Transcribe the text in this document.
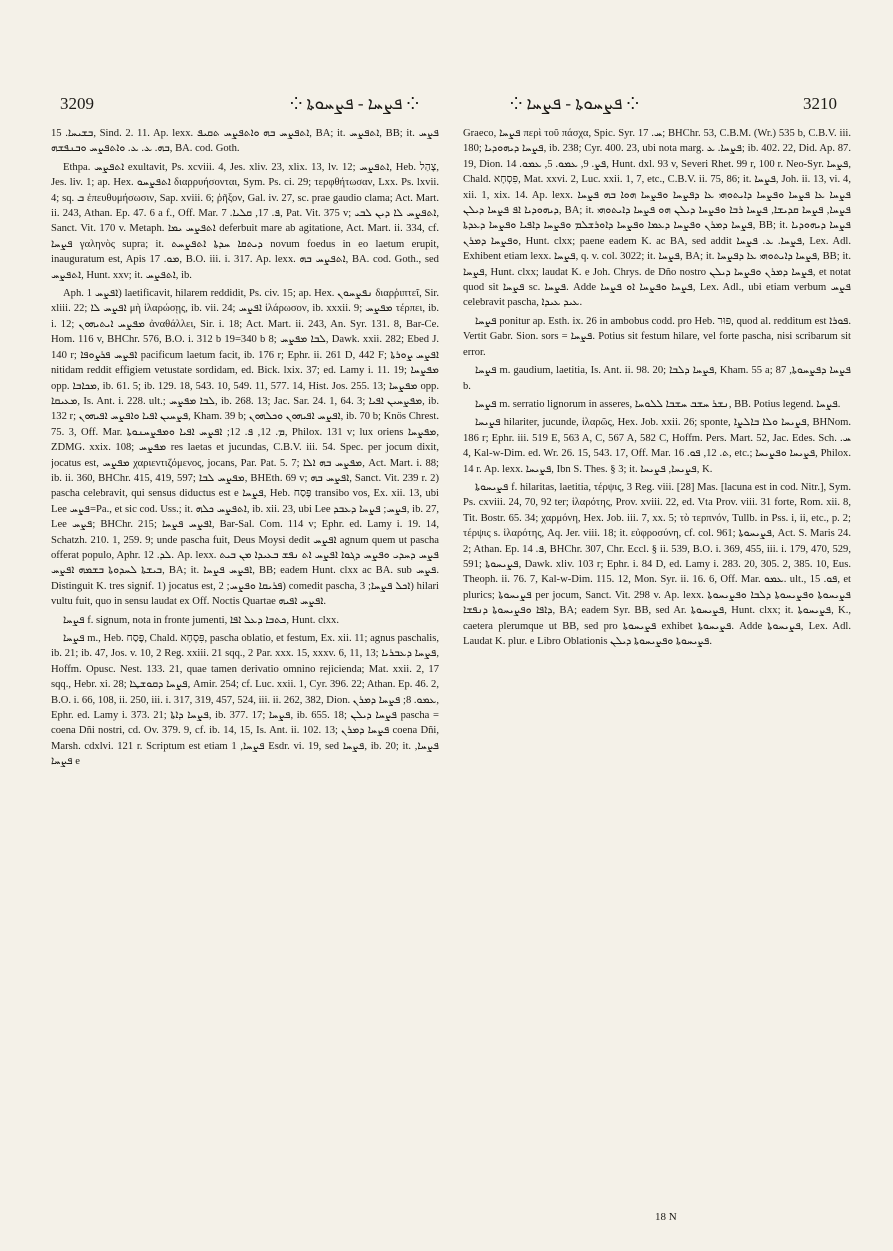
3209	⁘ ܦܨܚܐ - ܦܨܚܘܬܐ ⁘	⁘ ܦܨܚܘܬܐ - ܦܨܚܐ ⁘	3210

ܒܫܝܚܐ. 15, Sind. 2. 11. Ap. lexx. ܐܬܦܨܚ ܒܗ ܘܐܬܦܨܚ ܬܩܝܦ, BA; it. ܐܬܦܨܚ, BB; it. ܦܨܚ ܒܗ. ܥ. ܥ. ܘܐܬܦܨܚ ܘܒܢܦܫܗ, BA. cod. Goth.

Ethpa. ܐܬܦܨܚ exultavit, Ps. xcviii. 4, Jes. xliv. 23, xlix. 13, lv. 12; ܐܬܦܨܚ, Heb. צָהַל, Jes. liv. 1; ap. Hex. ܐܬܦܨܚܘ διαρρυήσονται, Sym. Ps. ci. 29; τερφθήτωσαν, Lxx. Ps. lxvii. 4; sq. ܒ ἐπευθυμήσωσιν, Sap. xviii. 6; ῥῆξον, Gal. iv. 27, sc. prae gaudio clama; Act. Mart. ii. 243, Athan. Ep. 47. 6 a f., Off. Mar. ܦ. 17, ܩܠܝܐ. 7, Pat. Vit. 375 v; ܐܬܦܨܚ ܠܐ ܕܝܢ ܠܒܝ, Sanct. Vit. 170 v. Metaph. ܐܬܦܨܚ ܝܡܐ deferbuit mare ab agitatione, Act. Mart. ii. 334, cf. ܦܨܚܐ γαληνὸς supra; it. ܕܝܬܩܐ ܚܕܬܐ ܐܬܦܨܚܬ novum foedus in eo laetum erupit, inauguratum est, Apis ܡܘ. 17, B.O. iii. i. 317. Ap. lexx. ܐܬܦܨܚ ܒܗ, BA. cod. Goth., sed ܐܬܦܨܚ, Hunt. xxv; it. ܐܬܦܨܚ, ib.

Aph. ܐܦܨܚ 1) laetificavit, hilarem reddidit, Ps. civ. 15; ap. Hex. ܢܦܨܚܘܢ διαρῥιπτεῖ, Sir. xliii. 22; ܐܦܨܚ ܠܐ μὴ ἱλαρώσῃς, ib. vii. 24; ܐܦܨܚ ἱλάρωσον, ib. xxxii. 9; ܡܦܨܚ τέρπει, ib. i. 12; ܡܦܨܚ ܐܝܬܝܗܘܢ ἀναθάλλει, Sir. i. 18; Act. Mart. ii. 243, An. Syr. 131. 8, Bar-Ce. Hom. 116 v, BHChr. 576, B.O. i. 312 b 19=340 b 8; ܠܒܐ ܡܦܨܚ, Dawk. xxii. 282; Ebed J. 140 r; ܐܦܨܚ ܦܪܨܘܦܐ pacificum laetum facit, ib. 176 r; Ephr. ii. 261 D, 442 F; ܐܦܨܚ ܨܘܪܬܐ nitidam reddit effigiem vetustate sordidam, ed. Bick. lxix. 37; ed. Lamy i. 11. 19; ܡܦܨܚܐ opp. ܡܟܐܒܐ, ib. 61. 5; ib. 129. 18, 543. 10, 549. 11, 577. 14, Hist. Jos. 255. 13; ܡܦܨܚܐ opp. ܡܥܝܩܐ, Is. Ant. i. 228. ult.; ܠܒܐ ܡܦܨܚ, ib. 268. 13; Jac. Sar. 24. 1, 64. 3; ܡܦܨܚܝܢ ܐܦܝܐ, ib. 132 r; ܦܨܚܝܢ ܐܦܝܐ ܘܐܦܨܚ ܐܦܝܗܘܢ, Kham. 39 b; ܐܦܨܚ ܐܦܝܗܘܢ ܘܟܠܗܘܢ, ib. 70 b; Knös Chrest. 75. 3, Off. Mar. ܡ. 12, ܦ. 12; ܐܦܨܚ ܐܦܝܐ ܘܡܦܨܚܢܘܬܐ, Philox. 131 v; lux oriens ܡܦܨܚܐ, ZDMG. xxix. 108; ܡܦܨܚ res laetas et jucundas, C.B.V. iii. 54. Spec. per jocum dixit, jocatus est, ܡܦܨܚ χαριεντιζόμενος, jocans, Par. Pat. 5. 7; ܡܦܨܚ ܒܗ ܐܠܐ, Act. Mart. i. 88; ib. ii. 360, BHChr. 415, 419, 597; ܡܦܨܚ ܠܒܐ, BHEth. 69 v; ܐܦܨܚ ܒܗ, Sanct. Vit. 239 r. 2) pascha celebravit, qui sensus diductus est e ܦܨܚܐ, Heb. פֶּסַח transibo vos, Ex. xii. 13, ubi Lee ܦܨܚ=Pa., et sic cod. Uss.; it. ܐܬܦܨܚ ܟܠܗ, ib. xii. 23, ubi Lee ܦܨܚ; ܦܨܚܐ ܕܥܒܕ, ib. 27, Lee ܦܨܚ; BHChr. 215; ܐܦܨܚ ܦܨܚܐ, Bar-Sal. Com. 114 v; Ephr. ed. Lamy i. 19. 14, Schatzh. 210. 1, 259. 9; unde pascha fuit, Deus Moysi dedit ܐܦܨܚ agnum quem ut pascha offerat populo, Aphr. ܠܕ. 12. Ap. lexx. ܦܨܚ ܕܚܕܝ ܘܦܨܚ ܕܓܘܐ ܐܦܨܚ ܐܬ ܢܦܫ ܒܥܝܕܐ ܡܢ ܒܝܬ ܒܝܫܬܐ ܠܚܕܘܬܐ ܒܫܡܗ ܐܦܨܚ, BA; it. ܐܦܨܚ ܦܨܚܐ, BB; eadem Hunt. clxx ac BA. sub ܦܨܚ. Distinguit K. tres signif. 1) jocatus est, ܦܪܝܩܐ ܘܦܨܚ; 2) comedit paschа, ܐܟܠ ܦܨܚܐ; 3) hilari vultu fuit, quo in sensu laudat ex Off. Noctis Quartae ܐܦܨܚ ܐܦܝܗ.

ܦܨܚܐ f. signum, nota in fronte jumenti, ܟܬܒܐ ܕܥܠ ܐܦܐ, Hunt. clxx.

ܦܨܚܐ m., Heb. פֶּסַח, Chald. פִּסְחָא, pascha oblatio, et festum, Ex. xii. 11; agnus paschalis, ib. 21; ib. 47, Jos. v. 10, 2 Reg. xxiii. 21 sqq., 2 Par. xxx. 15, xxxv. 6, 11, 13; ܦܨܚܐ ܕܥܒܪܝܐ, Hoffm. Opusc. Nest. 133. 21, quae tamen derivatio omnino rejicienda; Mat. xxii. 2, 17 sqq., Hebr. xi. 28; ܦܨܚܐ ܕܩܘܫܛܐ, Amir. 254; cf. Luc. xxii. 1, Cyr. 396. 22; Athan. Ep. 46. 2, B.O. i. 66, 108, ii. 250, iii. i. 317, 319, 457, 524, iii. ii. 262, 382, Dion. ܥܡܘ. 8; ܦܨܚܐ ܕܡܪܢ, Ephr. ed. Lamy i. 373. 21; ܦܨܚܐ ܕܐܬܐ, ib. 377. 17; ܦܨܚܐ, ib. 655. 18; ܦܨܚܐ ܕܝܠܢ pascha = coena Dñi nostri, cd. Ov. 379. 9, cf. ib. 14, 15, Is. Ant. ii. 102. 13; ܦܨܚܐ ܕܡܪܢ coena Dñi, Marsh. cdxlvi. 121 r. Scriptum est etiam ܦܨܚܐ, 1 Esdr. vi. 19, sed ܦܨܚܐ, ib. 20; it. ܦܨܚܐ, ܦܨܚܐ e

Graeco, ܦܨܚܐ περὶ τοῦ πάσχα, Spic. Syr. ܚ. 17; BHChr. 53, C.B.M. (Wr.) 535 b, C.B.V. iii. 180; ܦܨܚܐ ܕܝܗܘܕܝܐ, ib. 238; Cyr. 400. 23, ubi nota marg. ܦܨܚܐ. ܥ; ib. 402. 22, Did. Ap. 87. 19, Dion. ܦܨ. 9, ܥܡܘ. 5, ܥܡܘ. 14, Hunt. dxl. 93 v, Severi Rhet. 99 r, 100 r. Neo-Syr. ܦܨܚܐ, Chald. פִּסְחָא, Mat. xxvi. 2, Luc. xxii. 1, 7, etc., C.B.V. ii. 75, 86; it. ܦܨܚܐ, Joh. ii. 13, vi. 4, xii. 1, xix. 14. Ap. lexx. ܦܨܚܐ ܥܐ ܦܨܚܐ ܘܦܨܚܐ ܕܐܝܬܘܗܝ ܥܐ ܕܦܨܚܐ ܘܦܨܚܐ ܗܘܐ ܒܗ ܦܨܚܐ ܕܝܗܘܕܝܐ ܐܦ ܦܨܚܐ ܕܝܠܢ, BA; it. ܦܨܚܐ, ܦܨܚܐ ܩܕܝܫܐ, ܦܨܚܐ ܪܒܐ ܘܦܨܚܐ ܕܝܠܢ ܗܘ ܦܨܚܐ ܕܐܝܬܘܗܝ ܦܨܚܐ ܕܡܪܢ ܘܦܨܚܐ ܕܥܡܐ ܘܦܨܚܐ ܕܐܘܪܫܠܡ ܘܦܨܚܐ ܕܐܦܝܐ ܘܦܨܚܐ ܕܥܕܬܐ, BB; it. ܦܨܚܐ ܕܝܗܘܕܝܐ ܘܦܨܚܐ ܕܡܪܢ, Hunt. clxx; paene eadem K. ac BA, sed addit ܦܨܚܐ. ܥ. ܦܨܚܐ, Lex. Adl. Exhibent etiam lexx. ܦܨܚܐ, q. v. col. 3022; it. ܦܨܚܐ, BA; it. ܦܨܚܐ ܕܐܝܬܘܗܝ ܥܐ ܕܦܨܚܐ, BB; it. ܦܨܚܐ, Hunt. clxx; laudat K. e Joh. Chrys. de Dño nostro ܦܨܚܐ ܕܡܪܢ ܘܦܨܚܐ ܕܝܠܢ, et notat quod sit ܦܨܚܐ sc. ܦܨܚܐ. Adde ܦܨܚܐ ܘܦܨܚܐ ܐܘ ܦܨܚܐ, Lex. Adl., ubi etiam verbum ܦܨܚ celebravit pascha, ܥܝܕ ܥܝܕܐ.

ܦܨܚܐ ponitur ap. Esth. ix. 26 in ambobus codd. pro Heb. פּוּר, quod al. redditum est ܦܘܪܐ. Vertit Gabr. Sion. sors = ܦܨܚܐ. Potius sit festum hilare, vel forte pascha, nisi scribarum sit error.

ܦܨܚܐ m. gaudium, laetitia, Is. Ant. ii. 98. 20; ܦܨܚܐ ܕܠܒܐ, Kham. 55 a; ܦܨܚܐ ܕܦܨܚܘܬܐ, 87 b.

ܦܨܚܐ m. serratio lignorum in asseres, ܢܫܪ ܚܫܒ ܚܫܒܐ ܠܠܘܚܐ, BB. Potius legend. ܦܨܚܐ.

ܦܨܝܚܐ hilariter, jucunde, ἱλαρῶς, Hex. Job. xxii. 26; sponte, ܦܨܝܚܐ ܘܠܐ ܒܐܠܨܐ, BHNom. 186 r; Ephr. iii. 519 E, 563 A, C, 567 A, 582 C, Hoffm. Pers. Mart. 52, Jac. Edes. Sch. ܚ. 4, Kal-w-Dim. ed. Wr. 26. 15, 543. 17, Off. Mar. ܬ. 12, ܦܘ. 16, etc.; ܦܨܝܚܐ ܘܦܨܝܚܐ, Philox. 14 r. Ap. lexx. ܦܨܝܚܐ, Ibn S. Thes. § 3; it. ܦܨܝܚܐ, ܦܨܝܚܐ, K.

ܦܨܝܚܘܬܐ f. hilaritas, laetitia, τέρψις, 3 Reg. viii. [28] Mas. [lacuna est in cod. Nitr.], Sym. Ps. cxviii. 24, 70, 92 ter; ἱλαρότης, Prov. xviii. 22, ed. Vta Prov. viii. 31 forte, Rom. xii. 8, Tit. Bostr. 65. 34; χαρμόνη, Hex. Job. iii. 7, xx. 5; τὸ τερπνόν, Tullb. in Pss. i, ii, etc., p. 2; τέρψις s. ἱλαρότης, Aq. Jer. viii. 18; it. εὐφροσύνη, cf. col. 961; ܦܨܝܚܘܬܐ, Act. S. Maris 24. 2; Athan. Ep. ܦ. 14, BHChr. 307, Chr. Eccl. § ii. 539, B.O. i. 369, 455, iii. i. 179, 470, 529, 591; ܦܨܝܚܘܬܐ, Dawk. xliv. 103 r; Ephr. i. 84 D, ed. Lamy i. 283. 20, 305. 2, 385. 10, Eus. Theoph. ii. 76. 7, Kal-w-Dim. 115. 12, Mon. Syr. ii. 16. 6, Off. Mar. ܥܡܘ. ult., ܦܘ. 15, et plurics; ܦܨܝܚܘܬܐ per jocum, Sanct. Vit. 298 v. Ap. lexx. ܦܨܝܚܘܬܐ ܘܦܨܝܚܘܬܐ ܕܠܒܐ ܘܦܨܝܚܘܬܐ ܕܐܦܐ ܘܦܨܝܚܘܬܐ ܕܢܦܫܐ, BA; eadem Syr. BB, sed Ar. ܦܨܝܚܘܬܐ, Hunt. clxx; it. ܦܨܝܚܘܬܐ, K., caetera plerumque ut BB, sed pro ܦܨܝܚܘܬܐ exhibet ܦܨܝܚܘܬܐ. Adde ܦܨܝܚܘܬܐ, Lex. Adl. Laudat K. plur. e Libro Oblationis ܦܨܝܚܘܬܐ ܘܦܨܝܚܘܬܐ ܕܝܠܢ.

18 N
